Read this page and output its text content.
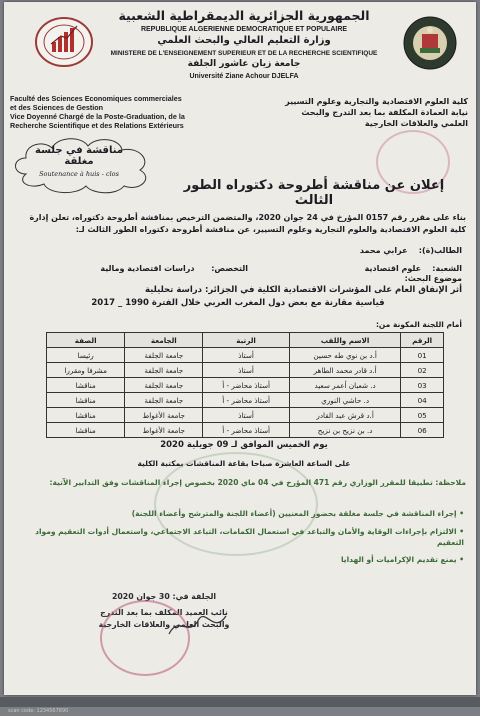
الجمهورية الجزائرية الديمقراطية الشعبية
REPUBLIQUE ALGERIENNE DEMOCRATIQUE ET POPULAIRE
وزارة التعليم العالي والبحث العلمي
MINISTERE DE L'ENSEIGNEMENT SUPERIEUR ET DE LA RECHERCHE SCIENTIFIQUE
جامعة زيان عاشور الجلفة
Université Ziane Achour DJELFA
Faculté des Sciences Economiques commerciales
et des Sciences de Gestion
Vice Doyenné Chargé de la Poste-Graduation, de la
Recherche Scientifique et des Relations Extérieurs
كلية العلوم الاقتصادية والتجارية وعلوم التسيير
نيابة العمادة المكلفة بما بعد التدرج والبحث
العلمي والعلاقات الخارجية
مناقشة في جلسة مغلقة
Soutenance à huis - clos
إعلان عن مناقشة أطروحة دكتوراه الطور الثالث
بناء على مقرر رقم 0157 المؤرخ في 24 جوان 2020، والمتضمن الترخيص بمناقشة أطروحة دكتوراه، تعلن إدارة كلية العلوم الاقتصادية والعلوم التجارية وعلوم التسيير، عن مناقشة أطروحة دكتوراه الطور الثالث لـ:
الطالب(ة):    عرابي محمد
الشعبة:    علوم اقتصادية
التخصص:      دراسات اقتصادية ومالية
موضوع البحث:
أثر الإنفاق العام على المؤشرات الاقتصادية الكلية في الجزائر: دراسة تحليلية
قياسية مقارنة مع بعض دول المغرب العربي خلال الفترة 1990 _ 2017
أمام اللجنة المكونة من:
الرقم	الاسم واللقب	الرتبة	الجامعة	الصفة
01	أ.د بن نوي طه حسين	أستاذ	جامعة الجلفة	رئيسا
02	أ.د قادر محمد الطاهر	أستاذ	جامعة الجلفة	مشرفا ومقررا
03	د. شعبان أعمر سعيد	أستاذ محاضر - أ	جامعة الجلفة	مناقشا
04	د. حاشي النوري	أستاذ محاضر - أ	جامعة الجلفة	مناقشا
05	أ.د قرش عبد القادر	أستاذ	جامعة الأغواط	مناقشا
06	د. بن نزيح بن نزيح	أستاذ محاضر - أ	جامعة الأغواط	مناقشا
يوم الخميس الموافق لـ 09 جويلية 2020
على الساعة العاشرة صباحا بقاعة المناقشات بمكتبة الكلية
ملاحظة: تطبيقا للمقرر الوزاري رقم 471 المؤرخ في 04 ماي 2020 بخصوص إجراء المناقشات وفق التدابير الآتية:
• إجراء المناقشة في جلسة مغلقة بحضور المعنيين (أعضاء اللجنة والمترشح وأعضاء اللجنة)
• الالتزام بإجراءات الوقاية والأمان والتباعد في استعمال الكمامات، التباعد الاجتماعي، واستعمال أدوات التعقيم ومواد التعقيم
• يمنع تقديم الإكراميات أو الهدايا
الجلفة في: 30 جوان 2020
نائب العميد المكلف بما بعد التدرج
والبحث العلمي والعلاقات الخارجية
scan code: 1234567890
